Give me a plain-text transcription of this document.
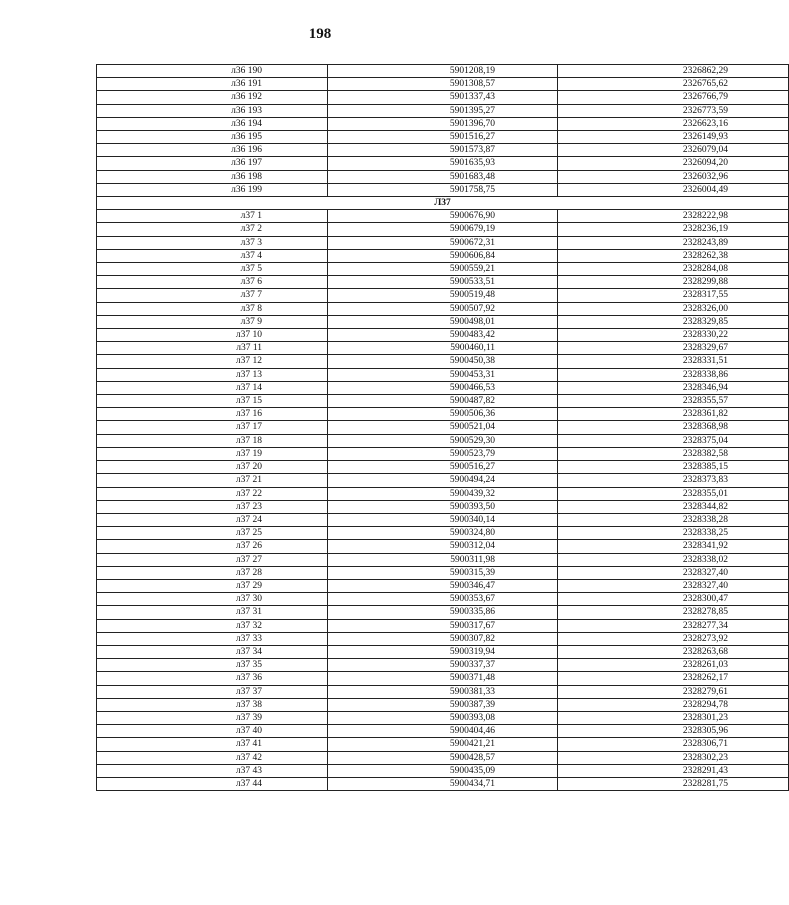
198
л36 190	5901208,19	2326862,29
л36 191	5901308,57	2326765,62
л36 192	5901337,43	2326766,79
л36 193	5901395,27	2326773,59
л36 194	5901396,70	2326623,16
л36 195	5901516,27	2326149,93
л36 196	5901573,87	2326079,04
л36 197	5901635,93	2326094,20
л36 198	5901683,48	2326032,96
л36 199	5901758,75	2326004,49
Л37		
л37 1	5900676,90	2328222,98
л37 2	5900679,19	2328236,19
л37 3	5900672,31	2328243,89
л37 4	5900606,84	2328262,38
л37 5	5900559,21	2328284,08
л37 6	5900533,51	2328299,88
л37 7	5900519,48	2328317,55
л37 8	5900507,92	2328326,00
л37 9	5900498,01	2328329,85
л37 10	5900483,42	2328330,22
л37 11	5900460,11	2328329,67
л37 12	5900450,38	2328331,51
л37 13	5900453,31	2328338,86
л37 14	5900466,53	2328346,94
л37 15	5900487,82	2328355,57
л37 16	5900506,36	2328361,82
л37 17	5900521,04	2328368,98
л37 18	5900529,30	2328375,04
л37 19	5900523,79	2328382,58
л37 20	5900516,27	2328385,15
л37 21	5900494,24	2328373,83
л37 22	5900439,32	2328355,01
л37 23	5900393,50	2328344,82
л37 24	5900340,14	2328338,28
л37 25	5900324,80	2328338,25
л37 26	5900312,04	2328341,92
л37 27	5900311,98	2328338,02
л37 28	5900315,39	2328327,40
л37 29	5900346,47	2328327,40
л37 30	5900353,67	2328300,47
л37 31	5900335,86	2328278,85
л37 32	5900317,67	2328277,34
л37 33	5900307,82	2328273,92
л37 34	5900319,94	2328263,68
л37 35	5900337,37	2328261,03
л37 36	5900371,48	2328262,17
л37 37	5900381,33	2328279,61
л37 38	5900387,39	2328294,78
л37 39	5900393,08	2328301,23
л37 40	5900404,46	2328305,96
л37 41	5900421,21	2328306,71
л37 42	5900428,57	2328302,23
л37 43	5900435,09	2328291,43
л37 44	5900434,71	2328281,75
